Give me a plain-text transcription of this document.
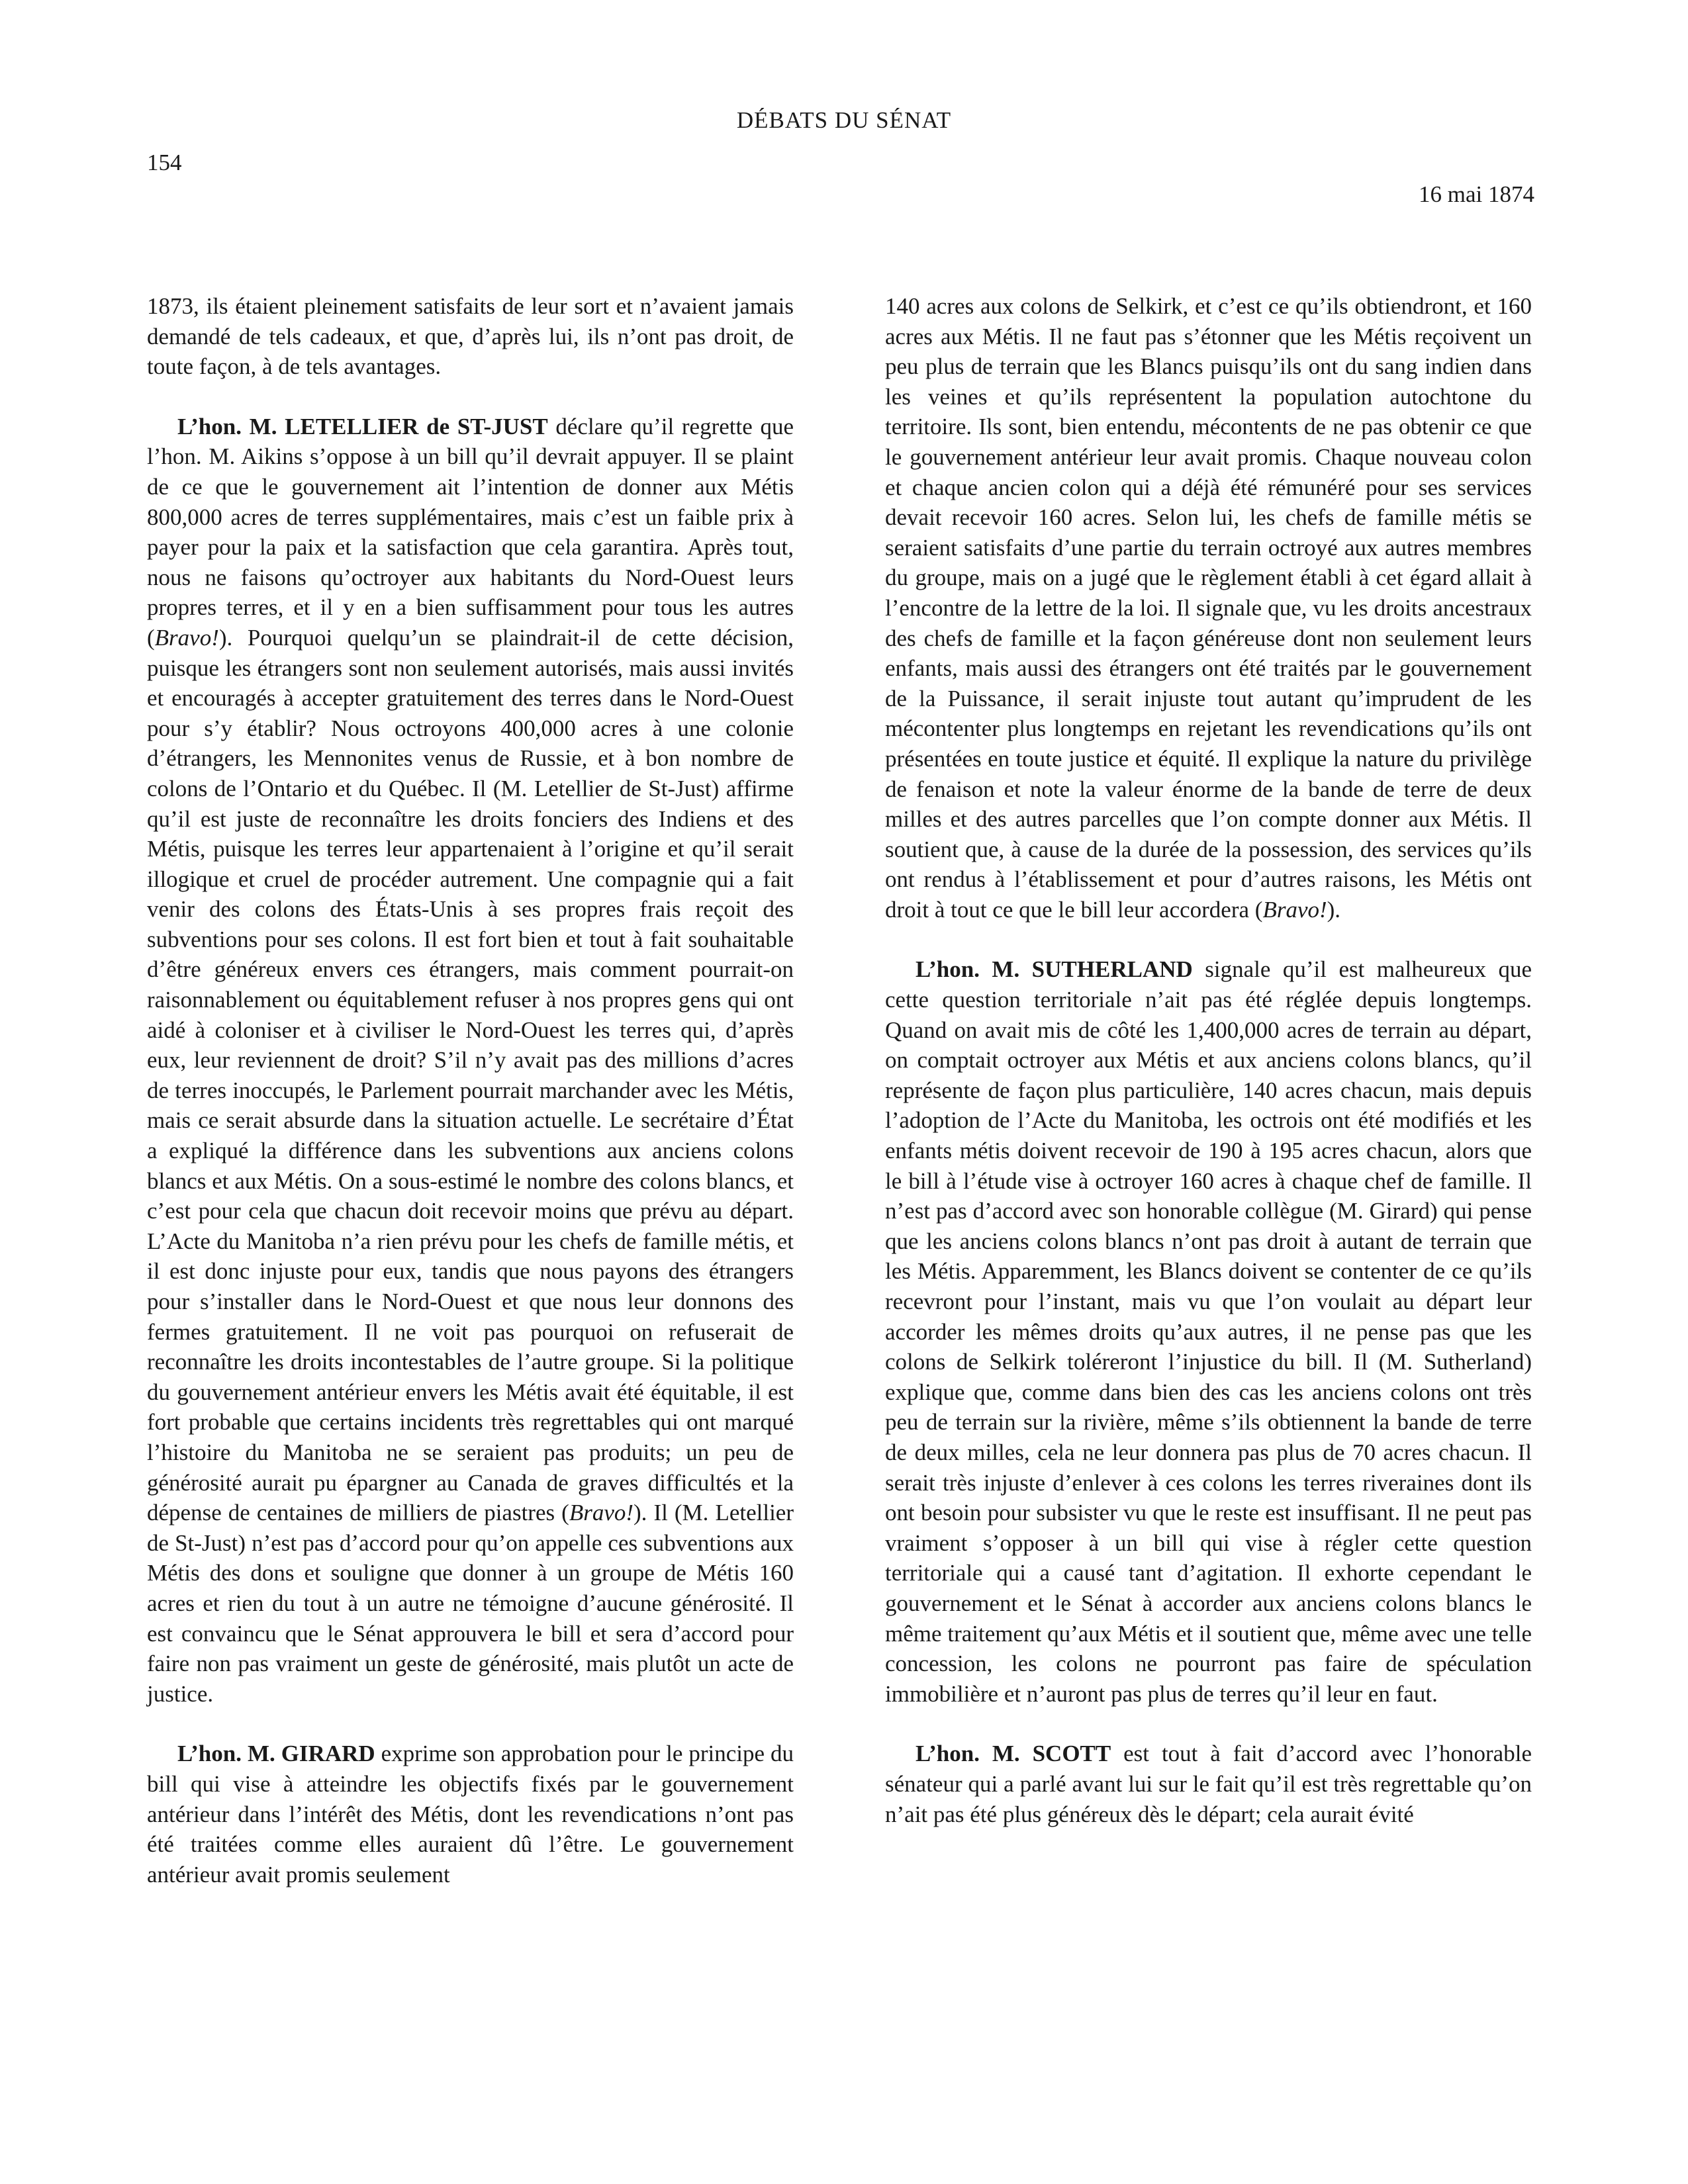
DÉBATS DU SÉNAT
154
16 mai 1874

1873, ils étaient pleinement satisfaits de leur sort et n’avaient jamais demandé de tels cadeaux, et que, d’après lui, ils n’ont pas droit, de toute façon, à de tels avantages.

L’hon. M. LETELLIER de ST-JUST déclare qu’il regrette que l’hon. M. Aikins s’oppose à un bill qu’il devrait appuyer. Il se plaint de ce que le gouvernement ait l’intention de donner aux Métis 800,000 acres de terres supplémentaires, mais c’est un faible prix à payer pour la paix et la satisfaction que cela garantira. Après tout, nous ne faisons qu’octroyer aux habitants du Nord-Ouest leurs propres terres, et il y en a bien suffisamment pour tous les autres (Bravo!). Pourquoi quelqu’un se plaindrait-il de cette décision, puisque les étrangers sont non seulement autorisés, mais aussi invités et encouragés à accepter gratuitement des terres dans le Nord-Ouest pour s’y établir? Nous octroyons 400,000 acres à une colonie d’étrangers, les Mennonites venus de Russie, et à bon nombre de colons de l’Ontario et du Québec. Il (M. Letellier de St-Just) affirme qu’il est juste de reconnaître les droits fonciers des Indiens et des Métis, puisque les terres leur appartenaient à l’origine et qu’il serait illogique et cruel de procéder autrement. Une compagnie qui a fait venir des colons des États-Unis à ses propres frais reçoit des subventions pour ses colons. Il est fort bien et tout à fait souhaitable d’être généreux envers ces étrangers, mais comment pourrait-on raisonnablement ou équitablement refuser à nos propres gens qui ont aidé à coloniser et à civiliser le Nord-Ouest les terres qui, d’après eux, leur reviennent de droit? S’il n’y avait pas des millions d’acres de terres inoccupés, le Parlement pourrait marchander avec les Métis, mais ce serait absurde dans la situation actuelle. Le secrétaire d’État a expliqué la différence dans les subventions aux anciens colons blancs et aux Métis. On a sous-estimé le nombre des colons blancs, et c’est pour cela que chacun doit recevoir moins que prévu au départ. L’Acte du Manitoba n’a rien prévu pour les chefs de famille métis, et il est donc injuste pour eux, tandis que nous payons des étrangers pour s’installer dans le Nord-Ouest et que nous leur donnons des fermes gratuitement. Il ne voit pas pourquoi on refuserait de reconnaître les droits incontestables de l’autre groupe. Si la politique du gouvernement antérieur envers les Métis avait été équitable, il est fort probable que certains incidents très regrettables qui ont marqué l’histoire du Manitoba ne se seraient pas produits; un peu de générosité aurait pu épargner au Canada de graves difficultés et la dépense de centaines de milliers de piastres (Bravo!). Il (M. Letellier de St-Just) n’est pas d’accord pour qu’on appelle ces subventions aux Métis des dons et souligne que donner à un groupe de Métis 160 acres et rien du tout à un autre ne témoigne d’aucune générosité. Il est convaincu que le Sénat approuvera le bill et sera d’accord pour faire non pas vraiment un geste de générosité, mais plutôt un acte de justice.

L’hon. M. GIRARD exprime son approbation pour le principe du bill qui vise à atteindre les objectifs fixés par le gouvernement antérieur dans l’intérêt des Métis, dont les revendications n’ont pas été traitées comme elles auraient dû l’être. Le gouvernement antérieur avait promis seulement

140 acres aux colons de Selkirk, et c’est ce qu’ils obtiendront, et 160 acres aux Métis. Il ne faut pas s’étonner que les Métis reçoivent un peu plus de terrain que les Blancs puisqu’ils ont du sang indien dans les veines et qu’ils représentent la population autochtone du territoire. Ils sont, bien entendu, mécontents de ne pas obtenir ce que le gouvernement antérieur leur avait promis. Chaque nouveau colon et chaque ancien colon qui a déjà été rémunéré pour ses services devait recevoir 160 acres. Selon lui, les chefs de famille métis se seraient satisfaits d’une partie du terrain octroyé aux autres membres du groupe, mais on a jugé que le règlement établi à cet égard allait à l’encontre de la lettre de la loi. Il signale que, vu les droits ancestraux des chefs de famille et la façon généreuse dont non seulement leurs enfants, mais aussi des étrangers ont été traités par le gouvernement de la Puissance, il serait injuste tout autant qu’imprudent de les mécontenter plus longtemps en rejetant les revendications qu’ils ont présentées en toute justice et équité. Il explique la nature du privilège de fenaison et note la valeur énorme de la bande de terre de deux milles et des autres parcelles que l’on compte donner aux Métis. Il soutient que, à cause de la durée de la possession, des services qu’ils ont rendus à l’établissement et pour d’autres raisons, les Métis ont droit à tout ce que le bill leur accordera (Bravo!).

L’hon. M. SUTHERLAND signale qu’il est malheureux que cette question territoriale n’ait pas été réglée depuis longtemps. Quand on avait mis de côté les 1,400,000 acres de terrain au départ, on comptait octroyer aux Métis et aux anciens colons blancs, qu’il représente de façon plus particulière, 140 acres chacun, mais depuis l’adoption de l’Acte du Manitoba, les octrois ont été modifiés et les enfants métis doivent recevoir de 190 à 195 acres chacun, alors que le bill à l’étude vise à octroyer 160 acres à chaque chef de famille. Il n’est pas d’accord avec son honorable collègue (M. Girard) qui pense que les anciens colons blancs n’ont pas droit à autant de terrain que les Métis. Apparemment, les Blancs doivent se contenter de ce qu’ils recevront pour l’instant, mais vu que l’on voulait au départ leur accorder les mêmes droits qu’aux autres, il ne pense pas que les colons de Selkirk toléreront l’injustice du bill. Il (M. Sutherland) explique que, comme dans bien des cas les anciens colons ont très peu de terrain sur la rivière, même s’ils obtiennent la bande de terre de deux milles, cela ne leur donnera pas plus de 70 acres chacun. Il serait très injuste d’enlever à ces colons les terres riveraines dont ils ont besoin pour subsister vu que le reste est insuffisant. Il ne peut pas vraiment s’opposer à un bill qui vise à régler cette question territoriale qui a causé tant d’agitation. Il exhorte cependant le gouvernement et le Sénat à accorder aux anciens colons blancs le même traitement qu’aux Métis et il soutient que, même avec une telle concession, les colons ne pourront pas faire de spéculation immobilière et n’auront pas plus de terres qu’il leur en faut.

L’hon. M. SCOTT est tout à fait d’accord avec l’honorable sénateur qui a parlé avant lui sur le fait qu’il est très regrettable qu’on n’ait pas été plus généreux dès le départ; cela aurait évité
